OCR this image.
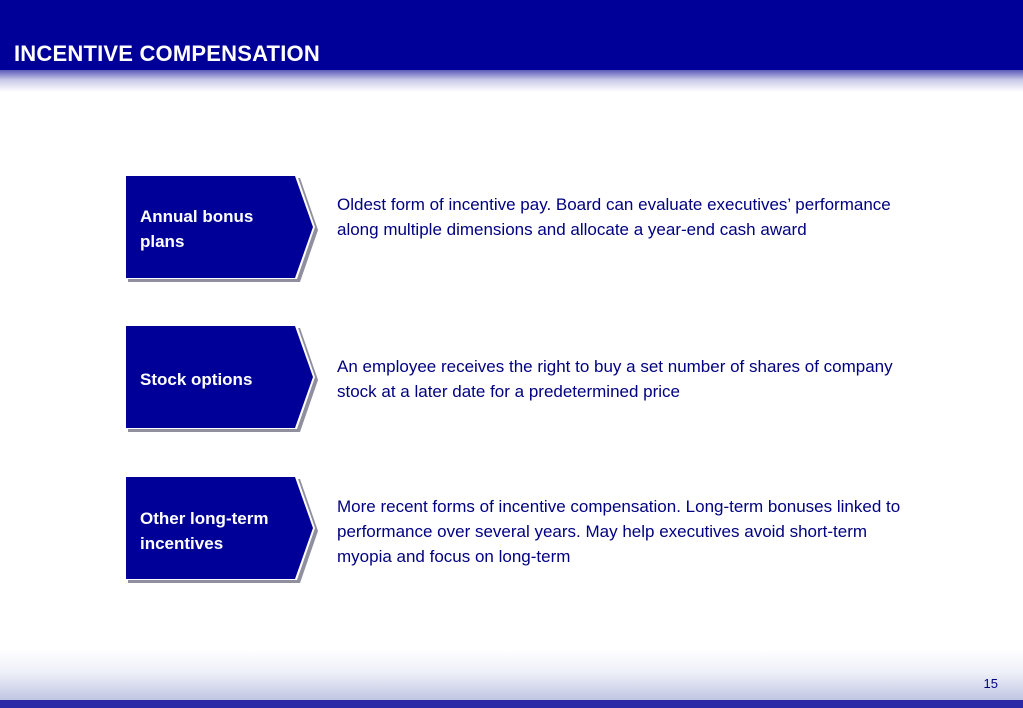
INCENTIVE COMPENSATION
Annual bonus plans
Oldest form of incentive pay. Board can evaluate executives’ performance along multiple dimensions and allocate a year-end cash award
Stock options
An employee receives the right to buy a set number of shares of company stock at a later date for a predetermined price
Other long-term incentives
More recent forms of incentive compensation. Long-term bonuses linked to performance over several years. May help executives avoid short-term myopia and focus on long-term
15
